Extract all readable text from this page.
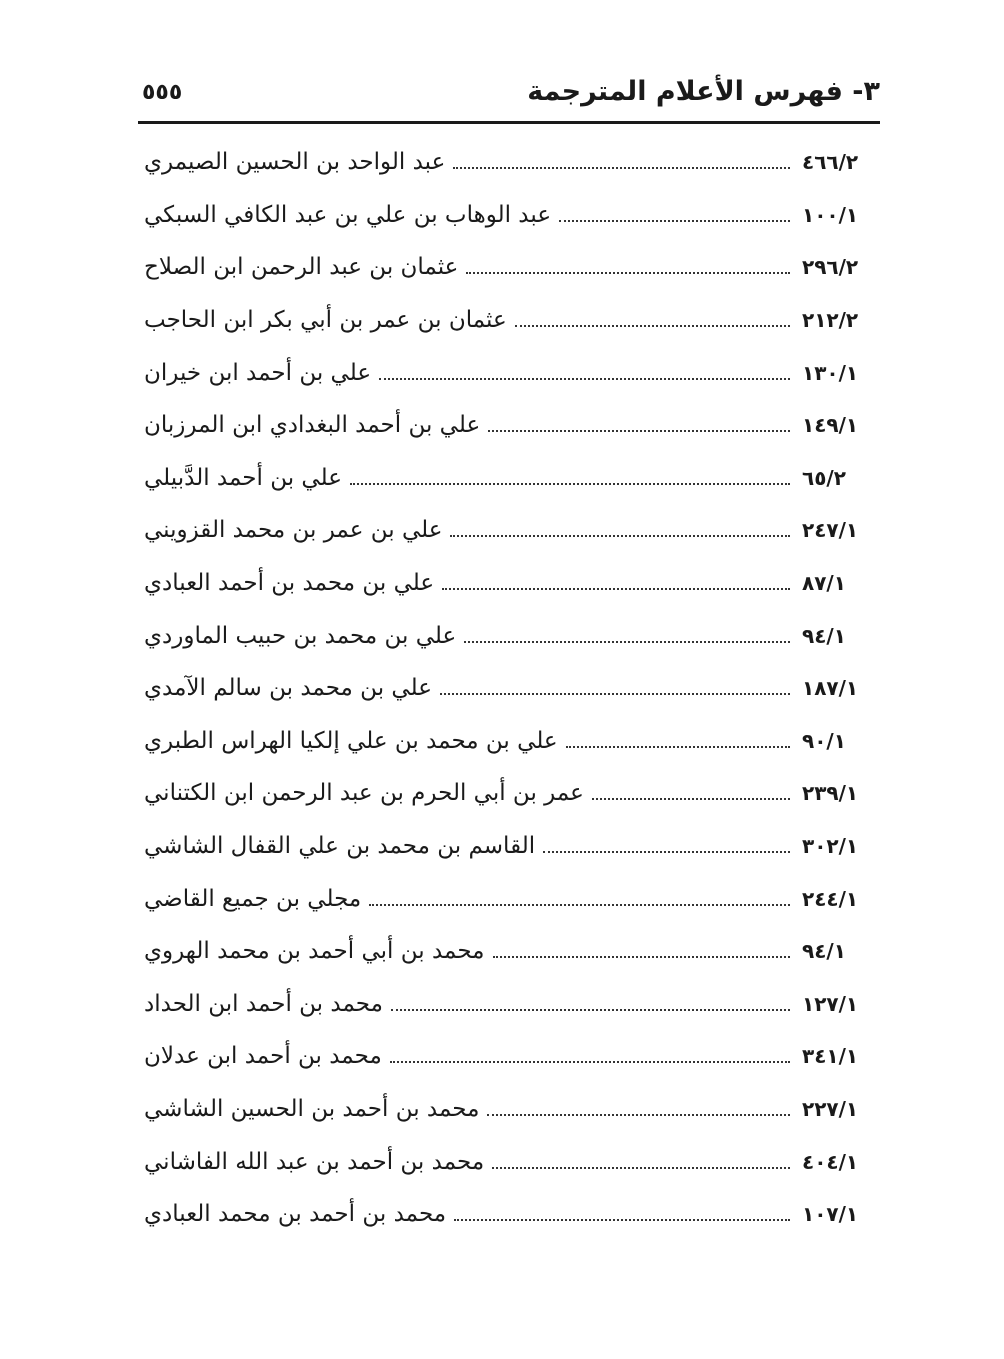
٣- فهرس الأعلام المترجمة
٥٥٥
عبد الواحد بن الحسين الصيمري	٤٦٦/٢
عبد الوهاب بن علي بن عبد الكافي السبكي	١٠٠/١
عثمان بن عبد الرحمن ابن الصلاح	٢٩٦/٢
عثمان بن عمر بن أبي بكر ابن الحاجب	٢١٢/٢
علي بن أحمد ابن خيران	١٣٠/١
علي بن أحمد البغدادي ابن المرزبان	١٤٩/١
علي بن أحمد الدَّبيلي	٦٥/٢
علي بن عمر بن محمد القزويني	٢٤٧/١
علي بن محمد بن أحمد العبادي	٨٧/١
علي بن محمد بن حبيب الماوردي	٩٤/١
علي بن محمد بن سالم الآمدي	١٨٧/١
علي بن محمد بن علي إلكيا الهراس الطبري	٩٠/١
عمر بن أبي الحرم بن عبد الرحمن ابن الكتناني	٢٣٩/١
القاسم بن محمد بن علي القفال الشاشي	٣٠٢/١
مجلي بن جميع القاضي	٢٤٤/١
محمد بن أبي أحمد بن محمد الهروي	٩٤/١
محمد بن أحمد ابن الحداد	١٢٧/١
محمد بن أحمد ابن عدلان	٣٤١/١
محمد بن أحمد بن الحسين الشاشي	٢٢٧/١
محمد بن أحمد بن عبد الله الفاشاني	٤٠٤/١
محمد بن أحمد بن محمد العبادي	١٠٧/١
